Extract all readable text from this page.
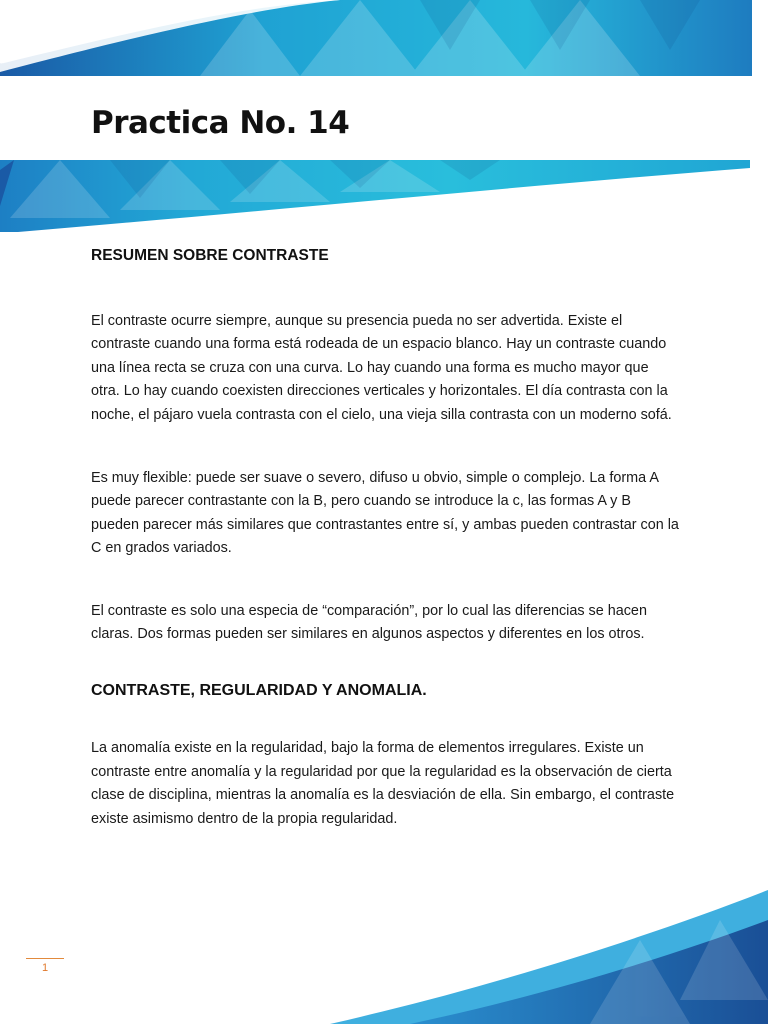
Practica No. 14
RESUMEN SOBRE CONTRASTE

El contraste ocurre siempre, aunque su presencia pueda no ser advertida. Existe el contraste cuando una forma está rodeada de un espacio blanco. Hay un contraste cuando una línea recta se cruza con una curva. Lo hay cuando una forma es mucho mayor que otra. Lo hay cuando coexisten direcciones verticales y horizontales. El día contrasta con la noche, el pájaro vuela contrasta con el cielo, una vieja silla contrasta con un moderno sofá.

Es muy flexible: puede ser suave o severo, difuso u obvio, simple o complejo. La forma A puede parecer contrastante con la B, pero cuando se introduce la c, las formas A y B pueden parecer más similares que contrastantes entre sí, y ambas pueden contrastar con la C en grados variados.

El contraste es solo una especia de “comparación”, por lo cual las diferencias se hacen claras. Dos formas pueden ser similares en algunos aspectos y diferentes en los otros.

CONTRASTE, REGULARIDAD Y ANOMALIA.

La anomalía existe en la regularidad, bajo la forma de elementos irregulares. Existe un contraste entre anomalía y la regularidad por que la regularidad es la observación de cierta clase de disciplina, mientras la anomalía es la desviación de ella. Sin embargo, el contraste existe asimismo dentro de la propia regularidad.

1
